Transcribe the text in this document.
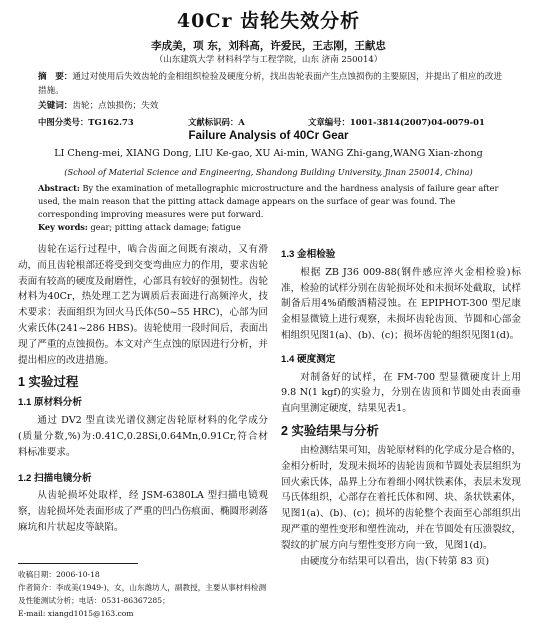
40Cr 齿轮失效分析
李成美，项 东，刘科高，许爱民，王志刚，王献忠
（山东建筑大学 材料科学与工程学院，山东 济南 250014）
摘　要：通过对使用后失效齿轮的金相组织检验及硬度分析，找出齿轮表面产生点蚀损伤的主要原因，并提出了相应的改进措施。
关键词：齿轮；点蚀损伤；失效
中图分类号：TG162.73	文献标识码：A	文章编号：1001-3814(2007)04-0079-01
Failure Analysis of 40Cr Gear
LI Cheng-mei, XIANG Dong, LIU Ke-gao, XU Ai-min, WANG Zhi-gang,WANG Xian-zhong
(School of Material Science and Engineering, Shandong Building University, Jinan 250014, China)
Abstract: By the examination of metallographic microstructure and the hardness analysis of failure gear after used, the main reason that the pitting attack damage appears on the surface of gear was found. The corresponding improving measures were put forward.
Key words: gear; pitting attack damage; fatigue

齿轮在运行过程中，啮合齿面之间既有滚动，又有滑动，而且齿轮根部还将受到交变弯曲应力的作用，要求齿轮表面有较高的硬度及耐磨性，心部具有较好的强韧性。齿轮材料为40Cr，热处理工艺为调质后表面进行高频淬火，技术要求：表面组织为回火马氏体(50~55 HRC)，心部为回火索氏体(241~286 HBS)。齿轮使用一段时间后，表面出现了严重的点蚀损伤。本文对产生点蚀的原因进行分析，并提出相应的改进措施。

1 实验过程
1.1 原材料分析

通过 DV2 型直读光谱仪测定齿轮原材料的化学成分(质量分数,%)为:0.41C,0.28Si,0.64Mn,0.91Cr,符合材料标准要求。

1.2 扫描电镜分析

从齿轮损坏处取样，经 JSM-6380LA 型扫描电镜观察，齿轮损坏处表面形成了严重的凹凸伤痕面、椭圆形剥落麻坑和片状起皮等缺陷。

收稿日期：2006-10-18
作者简介：李成美(1949-)，女，山东潍坊人，副教授，主要从事材料检测及性能测试分析；电话：0531-86367285；
E-mail: xiangd1015@163.com
1.3 金相检验

根据 ZB J36 009-88(钢件感应淬火金相检验)标准，检验的试样分别在齿轮损坏处和未损坏处截取，试样制备后用4%硝酸酒精浸蚀。在 EPIPHOT-300 型尼康金相显微镜上进行观察，未损坏齿轮齿顶、节圆和心部金相组织见图1(a)、(b)、(c)；损坏齿轮的组织见图1(d)。

1.4 硬度测定

对制备好的试样，在 FM-700 型显微硬度计上用 9.8 N(1 kgf)的实验力，分别在齿顶和节圆处由表面垂直向里测定硬度，结果见表1。

2 实验结果与分析

由检测结果可知，齿轮原材料的化学成分是合格的，金相分析时，发现未损坏的齿轮齿顶和节圆处表层组织为回火索氏体，晶界上分布着细小网状铁素体，表层未发现马氏体组织，心部存在着托氏体和网、块、条状铁素体，见图1(a)、(b)、(c)；损坏的齿轮整个表面至心部组织出现严重的塑性变形和塑性流动，并在节圆处有压溃裂纹，裂纹的扩展方向与塑性变形方向一致，见图1(d)。

由硬度分布结果可以看出，齿(下转第 83 页)
